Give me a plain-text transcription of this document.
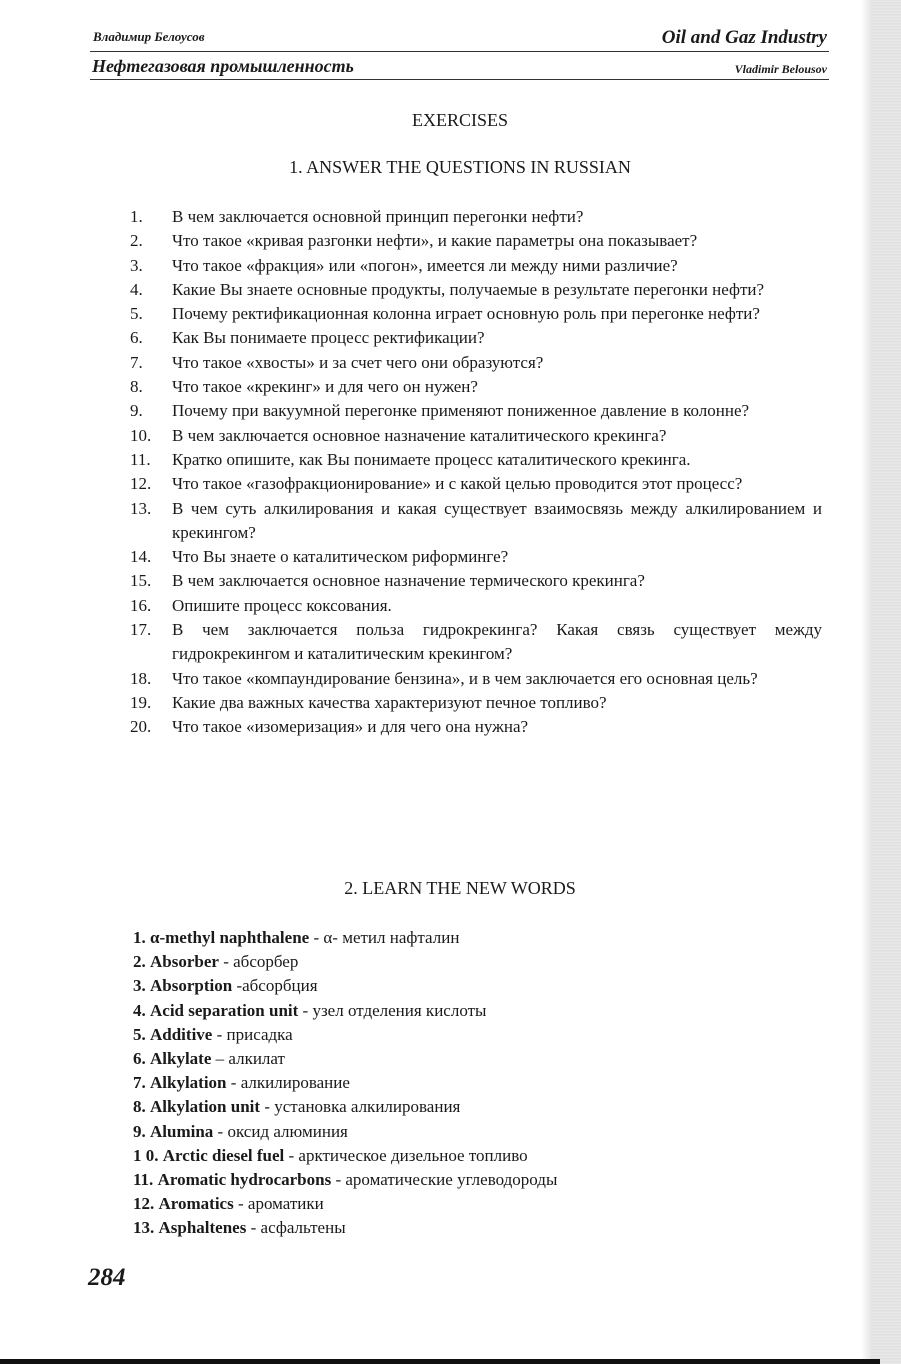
Владимир Белоусов	Oil and Gaz Industry
Нефтегазовая промышленность	Vladimir Belousov
EXERCISES
1. ANSWER THE QUESTIONS IN RUSSIAN
1.	В чем заключается основной принцип перегонки нефти?
2.	Что такое «кривая разгонки нефти», и какие параметры она показывает?
3.	Что такое «фракция» или «погон», имеется ли между ними различие?
4.	Какие Вы знаете основные продукты, получаемые в результате перегонки нефти?
5.	Почему ректификационная колонна играет основную роль при перегонке нефти?
6.	Как Вы понимаете процесс ректификации?
7.	Что такое «хвосты» и за счет чего они образуются?
8.	Что такое «крекинг» и для чего он нужен?
9.	Почему при вакуумной перегонке применяют пониженное давление в колонне?
10.	В чем заключается основное назначение каталитического крекинга?
11.	Кратко опишите, как Вы понимаете процесс каталитического крекинга.
12.	Что такое «газофракционирование» и с какой целью проводится этот процесс?
13.	В чем суть алкилирования и какая существует взаимосвязь между алкилированием и крекингом?
14.	Что Вы знаете о каталитическом риформинге?
15.	В чем заключается основное назначение термического крекинга?
16.	Опишите процесс коксования.
17.	В чем заключается польза гидрокрекинга? Какая связь существует между гидрокрекингом и каталитическим крекингом?
18.	Что такое «компаундирование бензина», и в чем заключается его основная цель?
19.	Какие два важных качества характеризуют печное топливо?
20.	Что такое «изомеризация» и для чего она нужна?
2. LEARN THE NEW WORDS
1. α-methyl naphthalene - α- метил нафталин
2. Absorber - абсорбер
3. Absorption -абсорбция
4. Acid separation unit - узел отделения кислоты
5. Additive - присадка
6. Alkylate – алкилат
7. Alkylation - алкилирование
8. Alkylation unit - установка алкилирования
9. Alumina - оксид алюминия
1 0. Arctic diesel fuel - арктическое дизельное топливо
11. Aromatic hydrocarbons - ароматические углеводороды
12. Aromatics - ароматики
13. Asphaltenes - асфальтены
284
